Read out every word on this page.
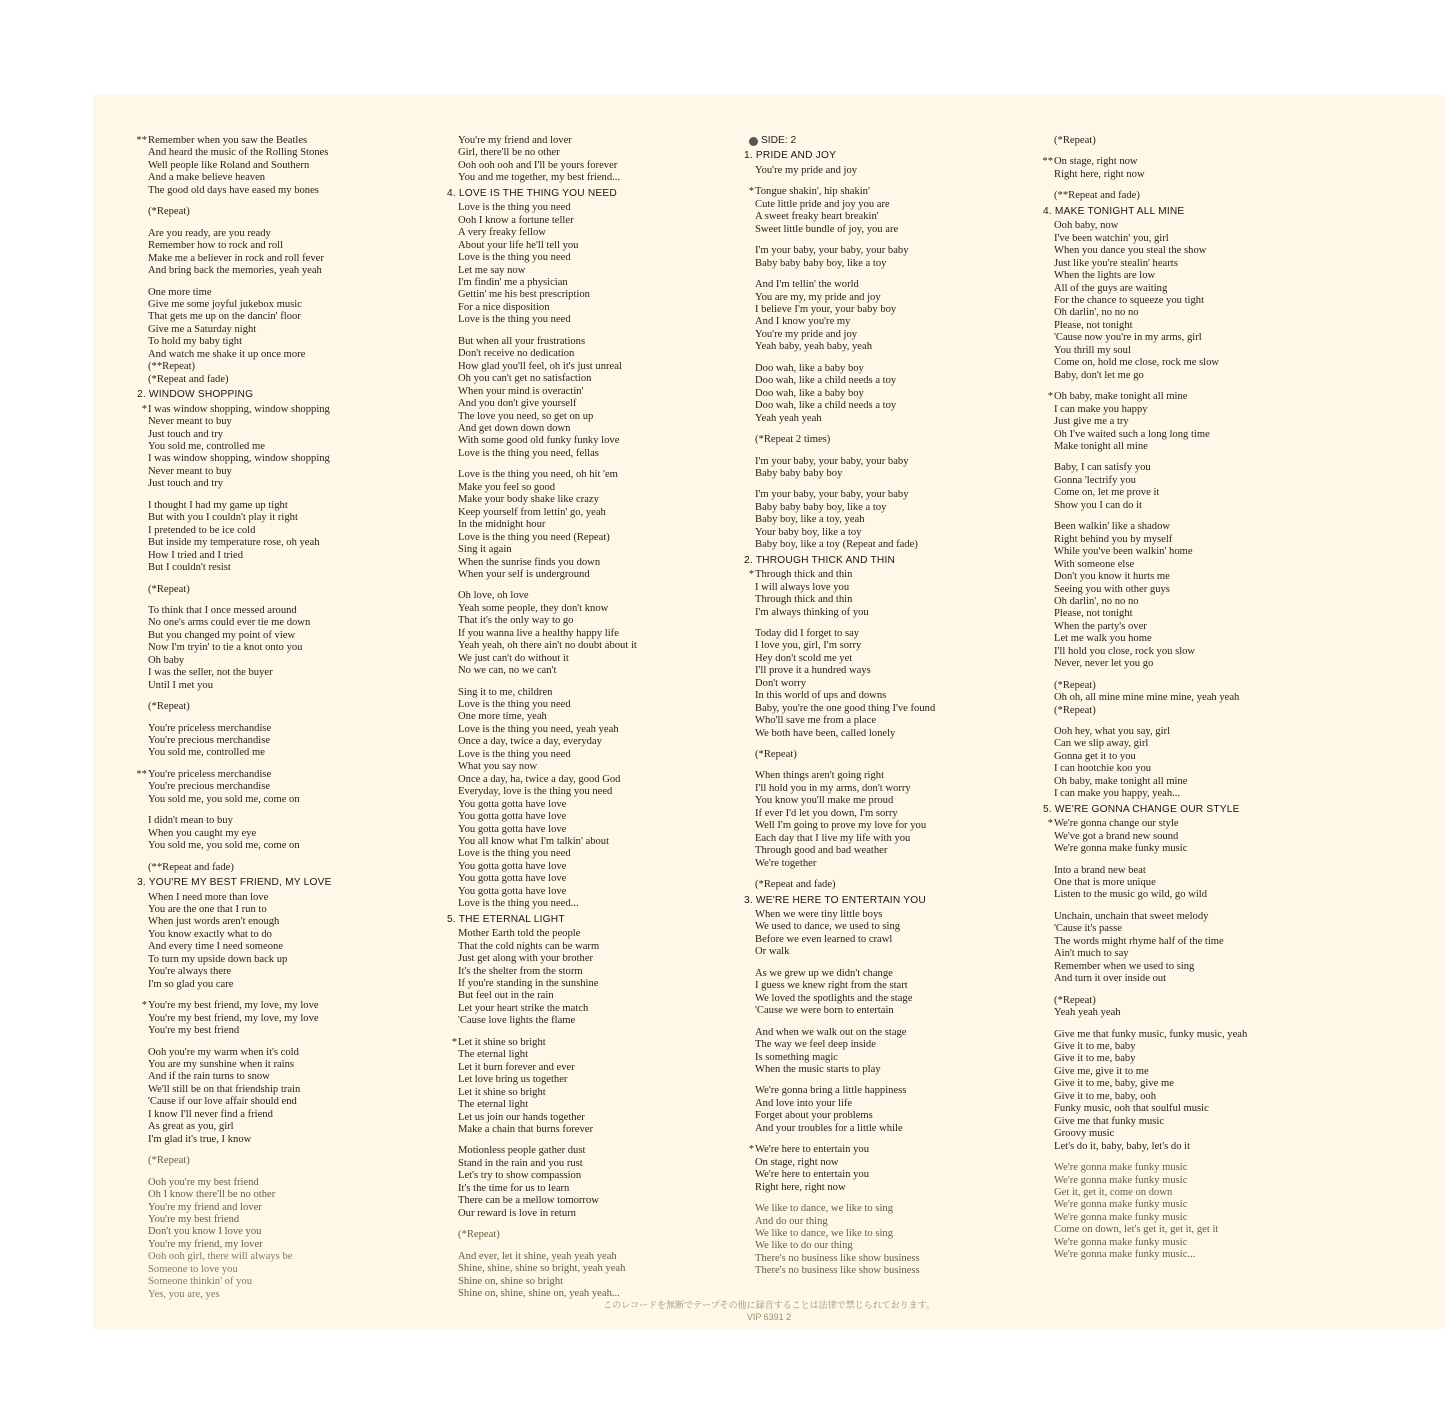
**Remember when you saw the Beatles
And heard the music of the Rolling Stones
Well people like Roland and Southern
And a make believe heaven
The good old days have eased my bones
(*Repeat)
Are you ready, are you ready
Remember how to rock and roll
Make me a believer in rock and roll fever
And bring back the memories, yeah yeah
One more time
Give me some joyful jukebox music
That gets me up on the dancin' floor
Give me a Saturday night
To hold my baby tight
And watch me shake it up once more
(**Repeat)
(*Repeat and fade)
2. WINDOW SHOPPING
*I was window shopping, window shopping
Never meant to buy
Just touch and try
You sold me, controlled me
I was window shopping, window shopping
Never meant to buy
Just touch and try
I thought I had my game up tight
But with you I couldn't play it right
I pretended to be ice cold
But inside my temperature rose, oh yeah
How I tried and I tried
But I couldn't resist
(*Repeat)
To think that I once messed around
No one's arms could ever tie me down
But you changed my point of view
Now I'm tryin' to tie a knot onto you
Oh baby
I was the seller, not the buyer
Until I met you
(*Repeat)
You're priceless merchandise
You're precious merchandise
You sold me, controlled me
**You're priceless merchandise
You're precious merchandise
You sold me, you sold me, come on
I didn't mean to buy
When you caught my eye
You sold me, you sold me, come on
(**Repeat and fade)
3. YOU'RE MY BEST FRIEND, MY LOVE
When I need more than love
You are the one that I run to
When just words aren't enough
You know exactly what to do
And every time I need someone
To turn my upside down back up
You're always there
I'm so glad you care
*You're my best friend, my love, my love
You're my best friend, my love, my love
You're my best friend
Ooh you're my warm when it's cold
You are my sunshine when it rains
And if the rain turns to snow
We'll still be on that friendship train
'Cause if our love affair should end
I know I'll never find a friend
As great as you, girl
I'm glad it's true, I know
(*Repeat)
Ooh you're my best friend
Oh I know there'll be no other
You're my friend and lover
You're my best friend
Don't you know I love you
You're my friend, my lover
Ooh ooh girl, there will always be
Someone to love you
Someone thinkin' of you
Yes, you are, yes
You're my friend and lover
Girl, there'll be no other
Ooh ooh ooh and I'll be yours forever
You and me together, my best friend...
4. LOVE IS THE THING YOU NEED
Love is the thing you need
Ooh I know a fortune teller
A very freaky fellow
About your life he'll tell you
Love is the thing you need
Let me say now
I'm findin' me a physician
Gettin' me his best prescription
For a nice disposition
Love is the thing you need
But when all your frustrations
Don't receive no dedication
How glad you'll feel, oh it's just unreal
Oh you can't get no satisfaction
When your mind is overactin'
And you don't give yourself
The love you need, so get on up
And get down down down
With some good old funky funky love
Love is the thing you need, fellas
Love is the thing you need, oh hit 'em
Make you feel so good
Make your body shake like crazy
Keep yourself from lettin' go, yeah
In the midnight hour
Love is the thing you need (Repeat)
Sing it again
When the sunrise finds you down
When your self is underground
Oh love, oh love
Yeah some people, they don't know
That it's the only way to go
If you wanna live a healthy happy life
Yeah yeah, oh there ain't no doubt about it
We just can't do without it
No we can, no we can't
Sing it to me, children
Love is the thing you need
One more time, yeah
Love is the thing you need, yeah yeah
Once a day, twice a day, everyday
Love is the thing you need
What you say now
Once a day, ha, twice a day, good God
Everyday, love is the thing you need
You gotta gotta have love
You gotta gotta have love
You gotta gotta have love
You all know what I'm talkin' about
Love is the thing you need
You gotta gotta have love
You gotta gotta have love
You gotta gotta have love
Love is the thing you need...
5. THE ETERNAL LIGHT
Mother Earth told the people
That the cold nights can be warm
Just get along with your brother
It's the shelter from the storm
If you're standing in the sunshine
But feel out in the rain
Let your heart strike the match
'Cause love lights the flame
*Let it shine so bright
The eternal light
Let it burn forever and ever
Let love bring us together
Let it shine so bright
The eternal light
Let us join our hands together
Make a chain that burns forever
Motionless people gather dust
Stand in the rain and you rust
Let's try to show compassion
It's the time for us to learn
There can be a mellow tomorrow
Our reward is love in return
(*Repeat)
And ever, let it shine, yeah yeah yeah
Shine, shine, shine so bright, yeah yeah
Shine on, shine so bright
Shine on, shine, shine on, yeah yeah...
SIDE: 2
1. PRIDE AND JOY
You're my pride and joy
*Tongue shakin', hip shakin'
Cute little pride and joy you are
A sweet freaky heart breakin'
Sweet little bundle of joy, you are
I'm your baby, your baby, your baby
Baby baby baby boy, like a toy
And I'm tellin' the world
You are my, my pride and joy
I believe I'm your, your baby boy
And I know you're my
You're my pride and joy
Yeah baby, yeah baby, yeah
Doo wah, like a baby boy
Doo wah, like a child needs a toy
Doo wah, like a baby boy
Doo wah, like a child needs a toy
Yeah yeah yeah
(*Repeat 2 times)
I'm your baby, your baby, your baby
Baby baby baby boy
I'm your baby, your baby, your baby
Baby baby baby boy, like a toy
Baby boy, like a toy, yeah
Your baby boy, like a toy
Baby boy, like a toy (Repeat and fade)
2. THROUGH THICK AND THIN
*Through thick and thin
I will always love you
Through thick and thin
I'm always thinking of you
Today did I forget to say
I love you, girl, I'm sorry
Hey don't scold me yet
I'll prove it a hundred ways
Don't worry
In this world of ups and downs
Baby, you're the one good thing I've found
Who'll save me from a place
We both have been, called lonely
(*Repeat)
When things aren't going right
I'll hold you in my arms, don't worry
You know you'll make me proud
If ever I'd let you down, I'm sorry
Well I'm going to prove my love for you
Each day that I live my life with you
Through good and bad weather
We're together
(*Repeat and fade)
3. WE'RE HERE TO ENTERTAIN YOU
When we were tiny little boys
We used to dance, we used to sing
Before we even learned to crawl
Or walk
As we grew up we didn't change
I guess we knew right from the start
We loved the spotlights and the stage
'Cause we were born to entertain
And when we walk out on the stage
The way we feel deep inside
Is something magic
When the music starts to play
We're gonna bring a little happiness
And love into your life
Forget about your problems
And your troubles for a little while
*We're here to entertain you
On stage, right now
We're here to entertain you
Right here, right now
We like to dance, we like to sing
And do our thing
We like to dance, we like to sing
We like to do our thing
There's no business like show business
There's no business like show business
(*Repeat)
**On stage, right now
Right here, right now
(**Repeat and fade)
4. MAKE TONIGHT ALL MINE
Ooh baby, now
I've been watchin' you, girl
When you dance you steal the show
Just like you're stealin' hearts
When the lights are low
All of the guys are waiting
For the chance to squeeze you tight
Oh darlin', no no no
Please, not tonight
'Cause now you're in my arms, girl
You thrill my soul
Come on, hold me close, rock me slow
Baby, don't let me go
*Oh baby, make tonight all mine
I can make you happy
Just give me a try
Oh I've waited such a long long time
Make tonight all mine
Baby, I can satisfy you
Gonna 'lectrify you
Come on, let me prove it
Show you I can do it
Been walkin' like a shadow
Right behind you by myself
While you've been walkin' home
With someone else
Don't you know it hurts me
Seeing you with other guys
Oh darlin', no no no
Please, not tonight
When the party's over
Let me walk you home
I'll hold you close, rock you slow
Never, never let you go
(*Repeat)
Oh oh, all mine mine mine mine, yeah yeah
(*Repeat)
Ooh hey, what you say, girl
Can we slip away, girl
Gonna get it to you
I can hootchie koo you
Oh baby, make tonight all mine
I can make you happy, yeah...
5. WE'RE GONNA CHANGE OUR STYLE
*We're gonna change our style
We've got a brand new sound
We're gonna make funky music
Into a brand new beat
One that is more unique
Listen to the music go wild, go wild
Unchain, unchain that sweet melody
'Cause it's passe
The words might rhyme half of the time
Ain't much to say
Remember when we used to sing
And turn it over inside out
(*Repeat)
Yeah yeah yeah
Give me that funky music, funky music, yeah
Give it to me, baby
Give it to me, baby
Give me, give it to me
Give it to me, baby, give me
Give it to me, baby, ooh
Funky music, ooh that soulful music
Give me that funky music
Groovy music
Let's do it, baby, baby, let's do it
We're gonna make funky music
We're gonna make funky music
Get it, get it, come on down
We're gonna make funky music
We're gonna make funky music
Come on down, let's get it, get it, get it
We're gonna make funky music
We're gonna make funky music...
このレコードを無断でテープその他に録音することは法律で禁じられております。
VIP 6391 2
